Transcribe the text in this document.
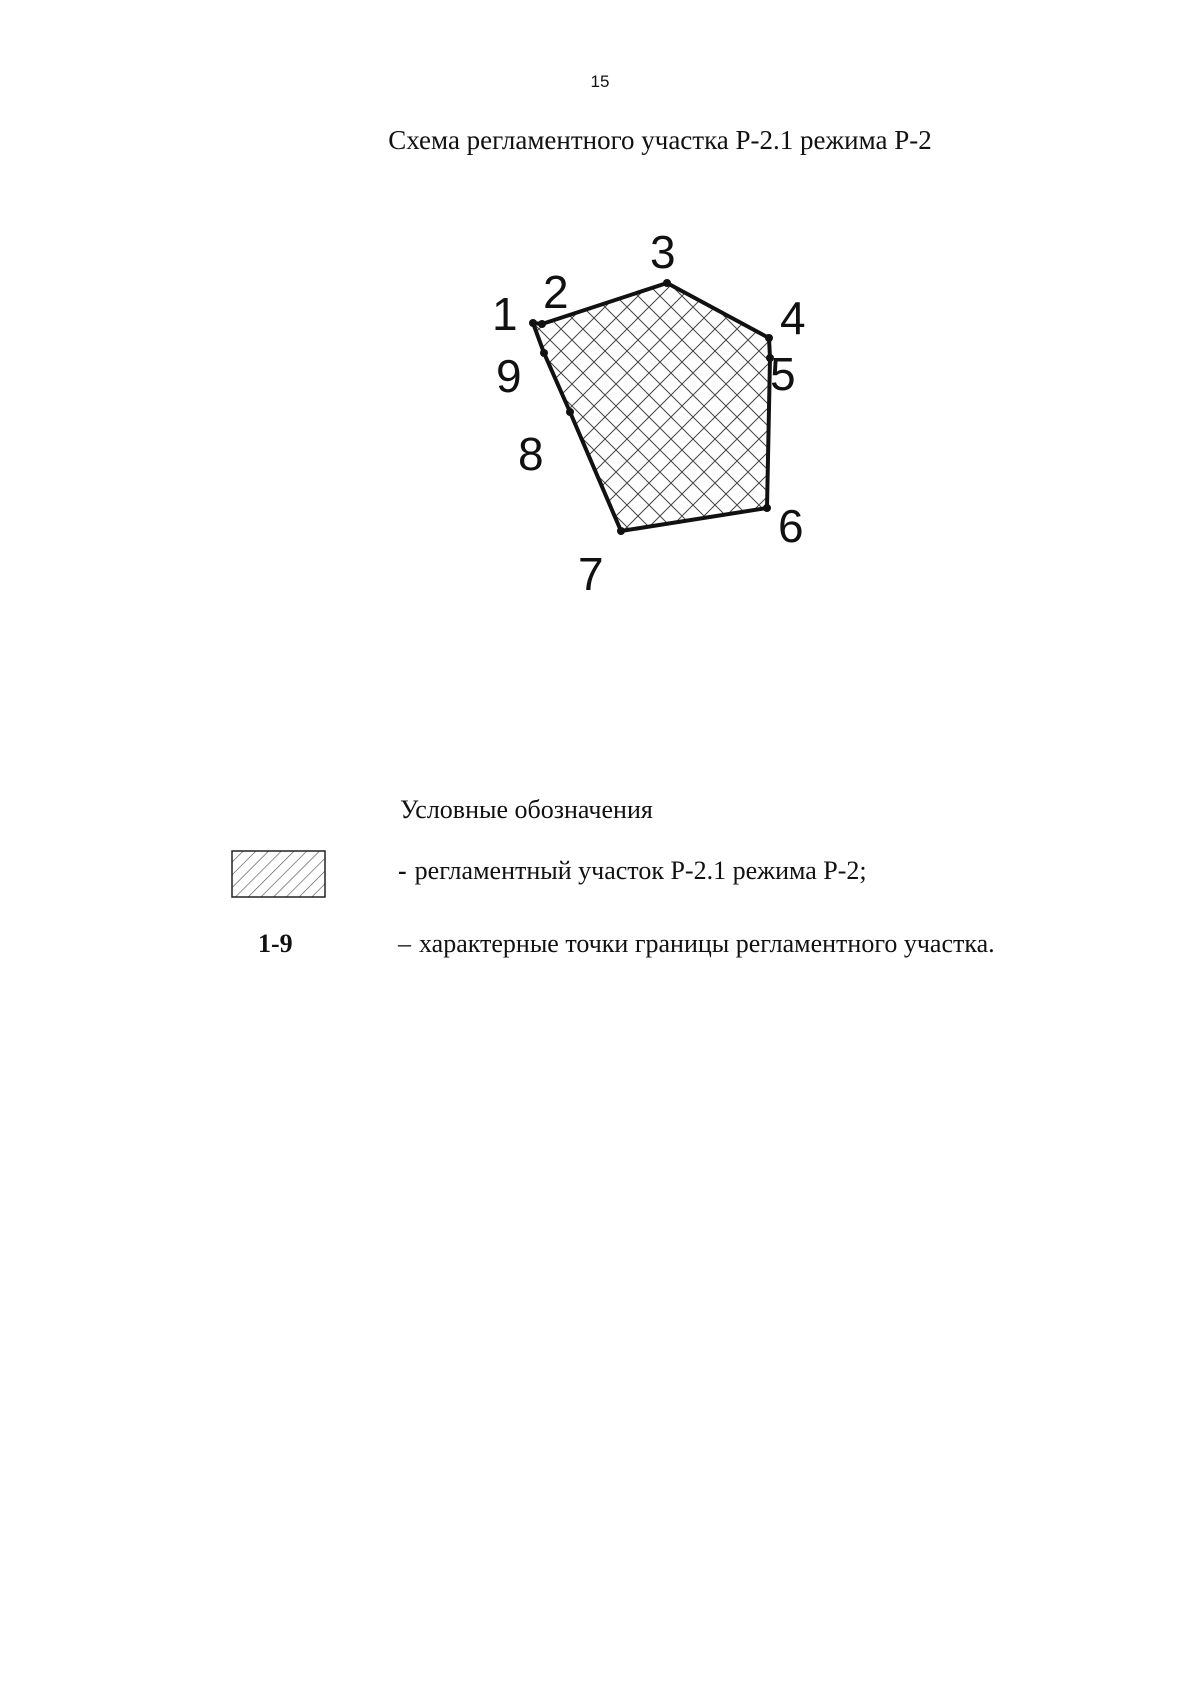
15
Схема регламентного участка Р-2.1 режима Р-2
1 2
3
4
5
6
7
8
9
Условные обозначения
- регламентный участок Р-2.1 режима Р-2;
1-9	– характерные точки границы регламентного участка.
